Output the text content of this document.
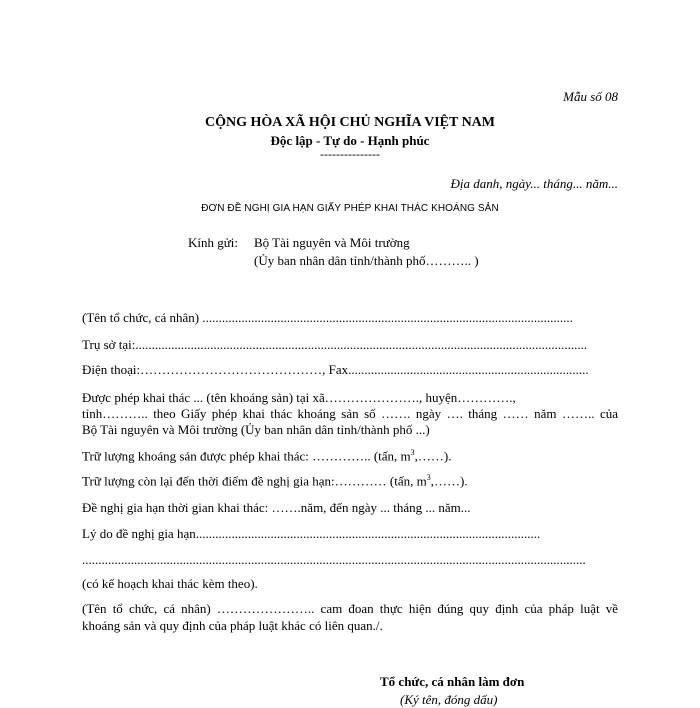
Mẫu số 08
CỘNG HÒA XÃ HỘI CHỦ NGHĨA VIỆT NAM
Độc lập - Tự do - Hạnh phúc
---------------
Địa danh, ngày... tháng... năm...
ĐƠN ĐỀ NGHỊ GIA HẠN GIẤY PHÉP KHAI THÁC KHOÁNG SẢN
Kính gửi: Bộ Tài nguyên và Môi trường
(Ủy ban nhân dân tỉnh/thành phố……….. )
(Tên tổ chức, cá nhân) ..................................................................................................................
Trụ sở tại:...........................................................................................................................................
Điện thoại:……………………………………, Fax..........................................................................
Được phép khai thác ... (tên khoáng sản) tại xã…………………., huyện………….,
tỉnh……….. theo Giấy phép khai thác khoáng sản số ……. ngày …. tháng …… năm …….. của
Bộ Tài nguyên và Môi trường (Ủy ban nhân dân tỉnh/thành phố ...)
Trữ lượng khoáng sản được phép khai thác: ………….. (tấn, $m^3,\dots\dots$).
Trữ lượng còn lại đến thời điểm đề nghị gia hạn:………… (tấn, $m^3,\dots\dots$).
Đề nghị gia hạn thời gian khai thác: …….năm, đến ngày ... tháng ... năm...
Lý do đề nghị gia hạn..........................................................................................................
...........................................................................................................................................................
(có kế hoạch khai thác kèm theo).
(Tên tổ chức, cá nhân) ………………….. cam đoan thực hiện đúng quy định của pháp luật về
khoáng sản và quy định của pháp luật khác có liên quan./.
Tổ chức, cá nhân làm đơn
(Ký tên, đóng dấu)
